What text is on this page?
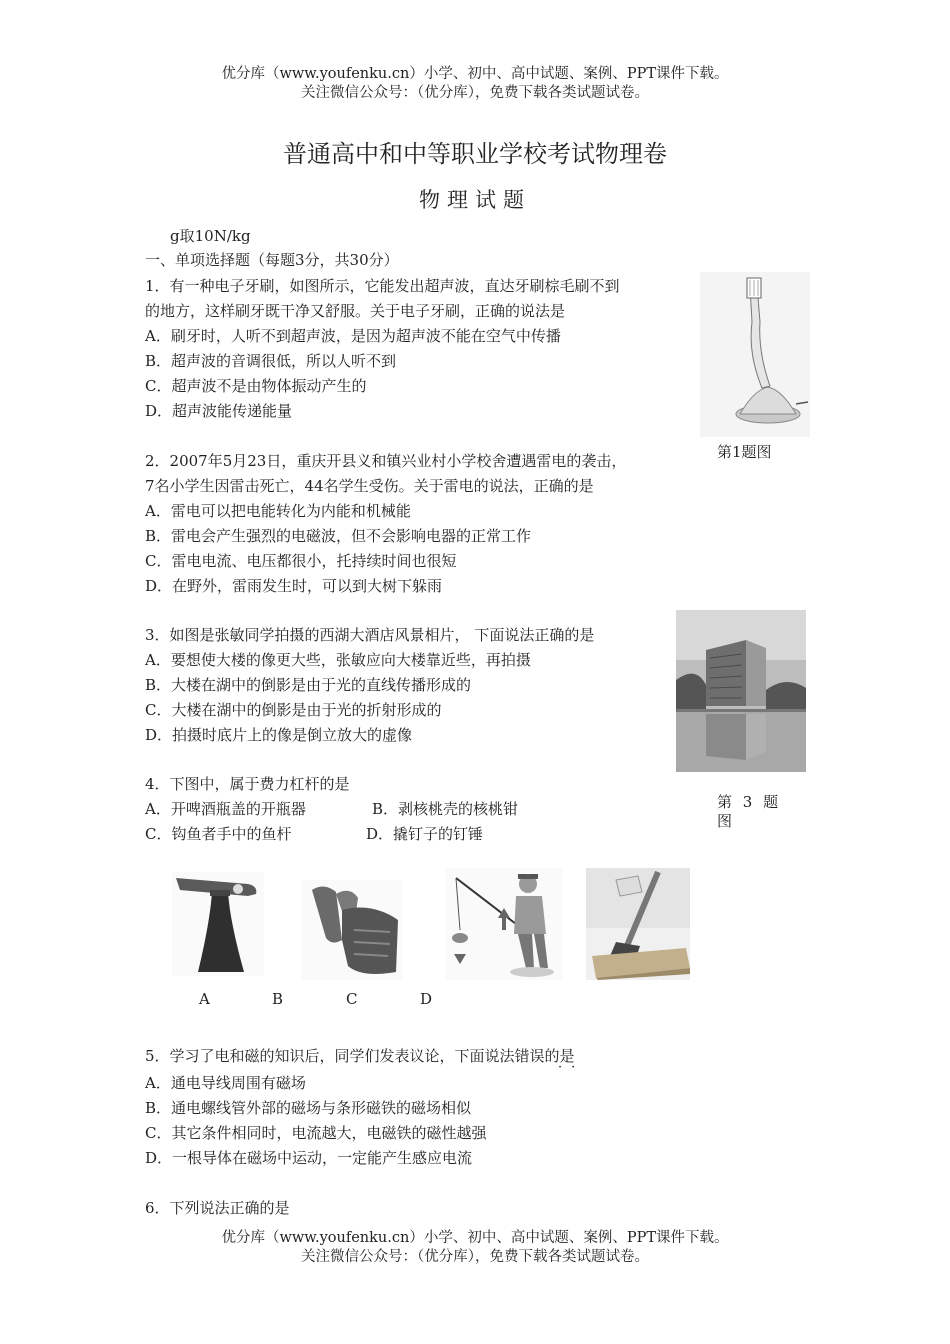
优分库（www.youfenku.cn）小学、初中、高中试题、案例、PPT课件下载。
关注微信公众号：（优分库），免费下载各类试题试卷。
普通高中和中等职业学校考试物理卷
物理试题
g取10N/kg
一、单项选择题（每题3分，共30分）
1．有一种电子牙刷，如图所示，它能发出超声波，直达牙刷棕毛刷不到
的地方，这样刷牙既干净又舒服。关于电子牙刷，正确的说法是
A．刷牙时，人听不到超声波，是因为超声波不能在空气中传播
B．超声波的音调很低，所以人听不到
C．超声波不是由物体振动产生的
D．超声波能传递能量
第1题图
2．2007年5月23日，重庆开县义和镇兴业村小学校舍遭遇雷电的袭击，
7名小学生因雷击死亡，44名学生受伤。关于雷电的说法，正确的是
A．雷电可以把电能转化为内能和机械能
B．雷电会产生强烈的电磁波，但不会影响电器的正常工作
C．雷电电流、电压都很小，托持续时间也很短
D．在野外，雷雨发生时，可以到大树下躲雨
3．如图是张敏同学拍摄的西湖大酒店风景相片， 下面说法正确的是
A．要想使大楼的像更大些，张敏应向大楼靠近些，再拍摄
B．大楼在湖中的倒影是由于光的直线传播形成的
C．大楼在湖中的倒影是由于光的折射形成的
D．拍摄时底片上的像是倒立放大的虚像
第 3 题
图
4．下图中，属于费力杠杆的是
A．开啤酒瓶盖的开瓶器	B．剥核桃壳的核桃钳
C．钩鱼者手中的鱼杆	D．撬钉子的钉锤
A	B	C	D
5．学习了电和磁的知识后，同学们发表议论，下面说法错误的是
··
A．通电导线周围有磁场
B．通电螺线管外部的磁场与条形磁铁的磁场相似
C．其它条件相同时，电流越大，电磁铁的磁性越强
D．一根导体在磁场中运动，一定能产生感应电流
6．下列说法正确的是
优分库（www.youfenku.cn）小学、初中、高中试题、案例、PPT课件下载。
关注微信公众号：（优分库），免费下载各类试题试卷。
